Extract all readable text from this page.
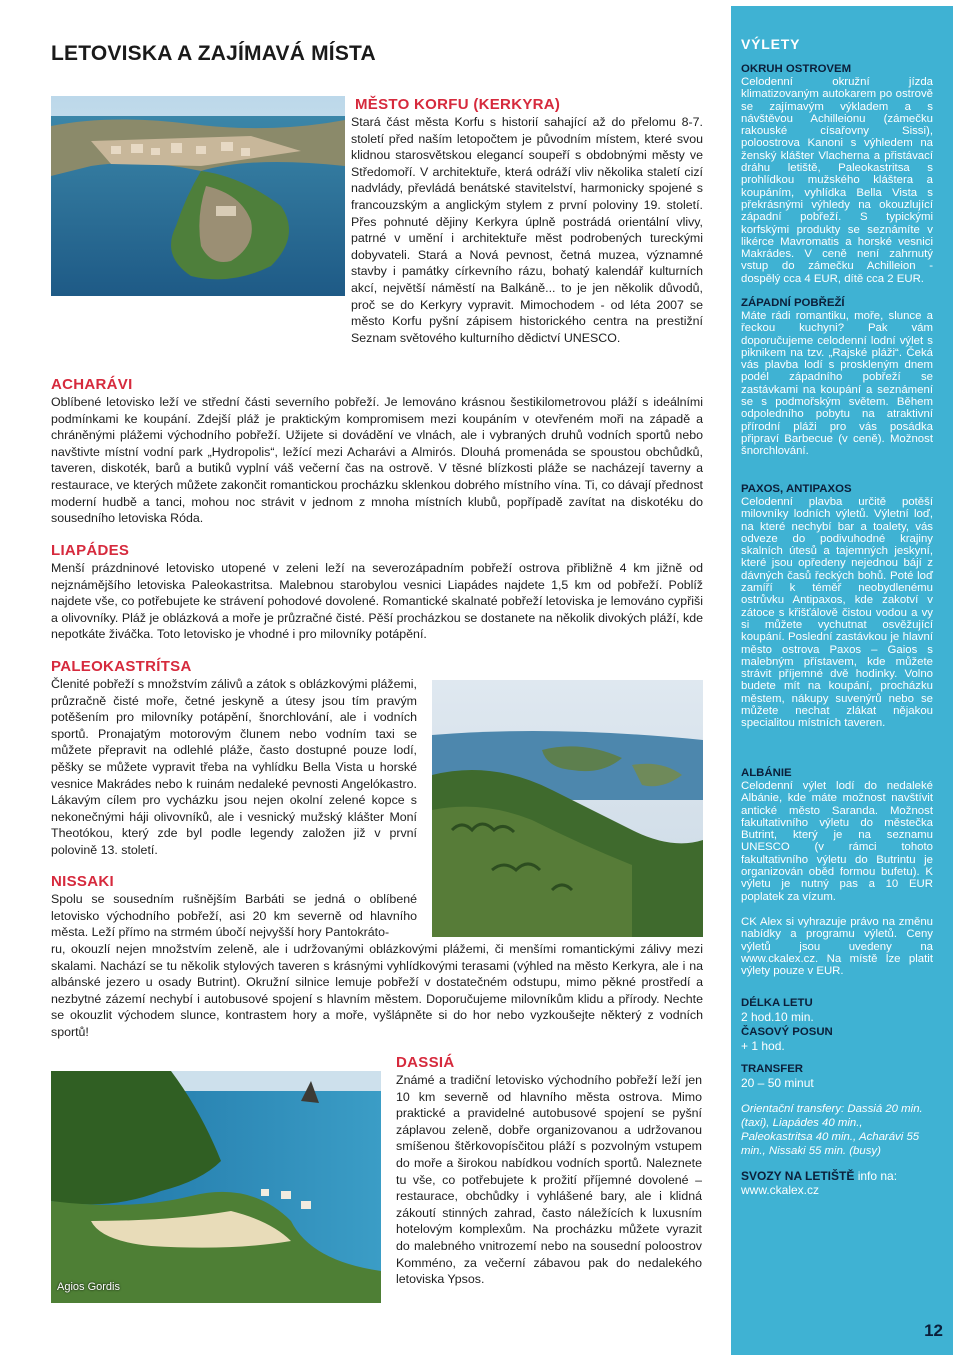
LETOVISKA A ZAJÍMAVÁ MÍSTA
MĚSTO KORFU (KERKYRA)
Stará část města Korfu s historií sahající až do přelomu 8-7. století před naším letopočtem je původním místem, které svou klidnou starosvětskou elegancí soupeří s obdobnými městy ve Středomoří. V architektuře, která odráží vliv několika staletí cizí nadvlády, převládá benátské stavitelství, harmonicky spojené s francouzským a anglickým stylem z první poloviny 19. století. Přes pohnuté dějiny Kerkyra úplně postrádá orientální vlivy, patrné v umění i architektuře měst podrobených tureckými dobyvateli. Stará a Nová pevnost, četná muzea, významné stavby i památky církevního rázu, bohatý kalendář kulturních akcí, největší náměstí na Balkáně... to je jen několik důvodů, proč se do Kerkyry vypravit. Mimochodem - od léta 2007 se město Korfu pyšní zápisem historického centra na prestižní Seznam světového kulturního dědictví UNESCO.
ACHARÁVI
Oblíbené letovisko leží ve střední části severního pobřeží. Je lemováno krásnou šestikilometrovou pláží s ideálními podmínkami ke koupání. Zdejší pláž je praktickým kompromisem mezi koupáním v otevřeném moři na západě a chráněnými plážemi východního pobřeží. Užijete si dovádění ve vlnách, ale i vybraných druhů vodních sportů nebo navštivte místní vodní park „Hydropolis“, ležící mezi Acharávi a Almirós. Dlouhá promenáda se spoustou obchůdků, taveren, diskoték, barů a butiků vyplní váš večerní čas na ostrově. V těsné blízkosti pláže se nacházejí taverny a restaurace, ve kterých můžete zakončit romantickou procházku sklenkou dobrého místního vína. Ti, co dávají přednost moderní hudbě a tanci, mohou noc strávit v jednom z mnoha místních klubů, popřípadě zavítat na diskotéku do sousedního letoviska Róda.
LIAPÁDES
Menší prázdninové letovisko utopené v zeleni leží na severozápadním pobřeží ostrova přibližně 4 km jižně od nejznámějšího letoviska Paleokastritsa. Malebnou starobylou vesnici Liapádes najdete 1,5 km od pobřeží. Poblíž najdete vše, co potřebujete ke strávení pohodové dovolené. Romantické skalnaté pobřeží letoviska je lemováno cypřiši a olivovníky. Pláž je oblázková a moře je průzračné čisté. Pěší procházkou se dostanete na několik divokých pláží, kde nepotkáte živáčka. Toto letovisko je vhodné i pro milovníky potápění.
PALEOKASTRÍTSA
Členité pobřeží s množstvím zálivů a zátok s oblázkovými plážemi, průzračně čisté moře, četné jeskyně a útesy jsou tím pravým potěšením pro milovníky potápění, šnorchlování, ale i vodních sportů. Pronajatým motorovým člunem nebo vodním taxi se můžete přepravit na odlehlé pláže, často dostupné pouze lodí, pěšky se můžete vypravit třeba na vyhlídku Bella Vista u horské vesnice Makrádes nebo k ruinám nedaleké pevnosti Angelókastro. Lákavým cílem pro vycházku jsou nejen okolní zelené kopce s nekonečnými háji olivovníků, ale i vesnický mužský klášter Moní Theotókou, který zde byl podle legendy založen již v první polovině 13. století.
NISSAKI
Spolu se sousedním rušnějším Barbáti se jedná o oblíbené letovisko východního pobřeží, asi 20 km severně od hlavního města. Leží přímo na strmém úbočí nejvyšší hory Pantokráto-
ru, okouzlí nejen množstvím zeleně, ale i udržovanými oblázkovými plážemi, či menšími romantickými zálivy mezi skalami. Nachází se tu několik stylových taveren s krásnými vyhlídkovými terasami (výhled na město Kerkyra, ale i na albánské jezero u osady Butrint). Okružní silnice lemuje pobřeží v dostatečném odstupu, mimo pěkné prostředí a nezbytné zázemí nechybí i autobusové spojení s hlavním městem. Doporučujeme milovníkům klidu a přírody. Nechte se okouzlit východem slunce, kontrastem hory a moře, vyšlápněte si do hor nebo vyzkoušejte některý z vodních sportů!
Agios Gordis
DASSIÁ
Známé a tradiční letovisko východního pobřeží leží jen 10 km severně od hlavního města ostrova. Mimo praktické a pravidelné autobusové spojení se pyšní záplavou zeleně, dobře organizovanou a udržovanou smíšenou štěrkovopísčitou pláží s pozvolným vstupem do moře a širokou nabídkou vodních sportů. Naleznete tu vše, co potřebujete k prožití příjemné dovolené – restaurace, obchůdky i vyhlášené bary, ale i klidná zákoutí stinných zahrad, často náležících k luxusním hotelovým komplexům. Na procházku můžete vyrazit do malebného vnitrozemí nebo na sousední poloostrov Komméno, za večerní zábavou pak do nedalekého letoviska Ypsos.
VÝLETY
OKRUH OSTROVEM
Celodenní okružní jízda klimatizovaným autokarem po ostrově se zajímavým výkladem a s návštěvou Achilleionu (zámečku rakouské císařovny Sissi), poloostrova Kanoni s výhledem na ženský klášter Vlacherna a přistávací dráhu letiště, Paleokastritsa s prohlídkou mužského kláštera a koupáním, vyhlídka Bella Vista s překrásnými výhledy na okouzlující západní pobřeží. S typickými korfskými produkty se seznámíte v likérce Mavromatis a horské vesnici Makrádes. V ceně není zahrnutý vstup do zámečku Achilleion - dospělý cca 4 EUR, dítě cca 2 EUR.
ZÁPADNÍ POBŘEŽÍ
Máte rádi romantiku, moře, slunce a řeckou kuchyni? Pak vám doporučujeme celodenní lodní výlet s piknikem na tzv. „Rajské pláži“. Čeká vás plavba lodí s proskleným dnem podél západního pobřeží se zastávkami na koupání a seznámení se s podmořským světem. Během odpoledního pobytu na atraktivní přírodní pláži pro vás posádka připraví Barbecue (v ceně). Možnost šnorchlování.
PAXOS, ANTIPAXOS
Celodenní plavba určitě potěší milovníky lodních výletů. Výletní loď, na které nechybí bar a toalety, vás odveze do podivuhodné krajiny skalních útesů a tajemných jeskyní, které jsou opředeny nejednou bájí z dávných časů řeckých bohů. Poté loď zamíří k téměř neobydlenému ostrůvku Antipaxos, kde zakotví v zátoce s křišťálově čistou vodou a vy si můžete vychutnat osvěžující koupání. Poslední zastávkou je hlavní město ostrova Paxos – Gaios s malebným přístavem, kde můžete strávit příjemné dvě hodinky. Volno budete mít na koupání, procházku městem, nákupy suvenýrů nebo se můžete nechat zlákat nějakou specialitou místních taveren.
ALBÁNIE
Celodenní výlet lodí do nedaleké Albánie, kde máte možnost navštívit antické město Saranda. Možnost fakultativního výletu do městečka Butrint, který je na seznamu UNESCO (v rámci tohoto fakultativního výletu do Butrintu je organizován oběd formou bufetu). K výletu je nutný pas a 10 EUR poplatek za vízum.
CK Alex si vyhrazuje právo na změnu nabídky a programu výletů. Ceny výletů jsou uvedeny na www.ckalex.cz. Na místě lze platit výlety pouze v EUR.
DÉLKA LETU
2 hod.10 min.
ČASOVÝ POSUN
+ 1 hod.
TRANSFER
20 – 50 minut
Orientační transfery: Dassiá 20 min. (taxi), Liapádes 40 min., Paleokastritsa 40 min., Acharávi 55 min., Nissaki 55 min. (busy)
SVOZY NA LETIŠTĚ info na: www.ckalex.cz
12
